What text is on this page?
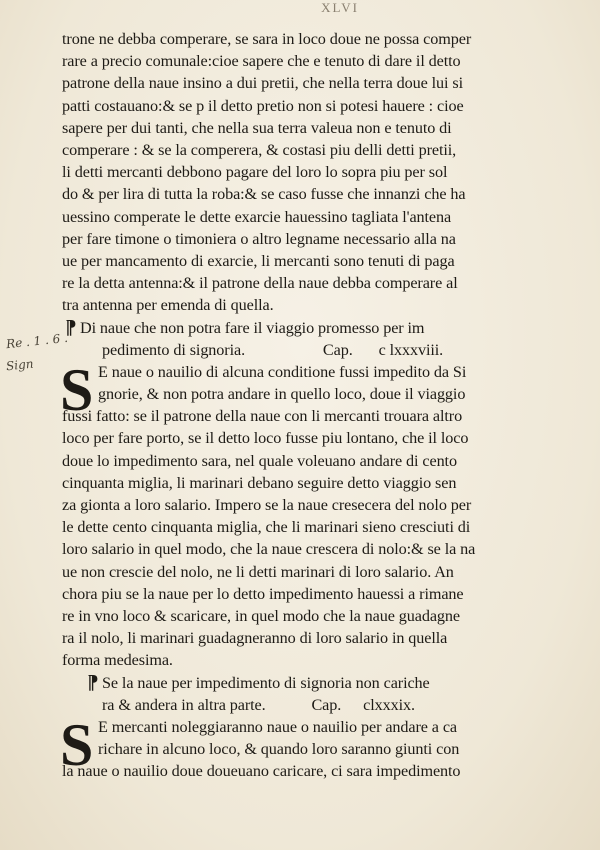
XLVI
Re . 1 . 6 .
Sign
trone ne debba comperare, se sara in loco doue ne possa comper
rare a precio comunale:cioe sapere che e tenuto di dare il detto
patrone della naue insino a dui pretii, che nella terra doue lui si
patti costauano:& se p il detto pretio non si potesi hauere : cioe
sapere per dui tanti, che nella sua terra valeua non e tenuto di
comperare : & se la comperera, & costasi piu delli detti pretii,
li detti mercanti debbono pagare del loro lo sopra piu per sol
do & per lira di tutta la roba:& se caso fusse che innanzi che ha
uessino comperate le dette exarcie hauessino tagliata l'antena
per fare timone o timoniera o altro legname necessario alla na
ue per mancamento di exarcie, li mercanti sono tenuti di paga
re la detta antenna:& il patrone della naue debba comperare al
tra antenna per emenda di quella.
¶ Di naue che non potra fare il viaggio promesso per im
pedimento di signoria.	Cap. c lxxxviii.
S E naue o nauilio di alcuna conditione fussi impedito da Si
gnorie, & non potra andare in quello loco, doue il viaggio
fussi fatto: se il patrone della naue con li mercanti trouara altro
loco per fare porto, se il detto loco fusse piu lontano, che il loco
doue lo impedimento sara, nel quale voleuano andare di cento
cinquanta miglia, li marinari debano seguire detto viaggio sen
za gionta a loro salario. Impero se la naue cresecera del nolo per
le dette cento cinquanta miglia, che li marinari sieno cresciuti di
loro salario in quel modo, che la naue crescera di nolo:& se la na
ue non crescie del nolo, ne li detti marinari di loro salario. An
chora piu se la naue per lo detto impedimento hauessi a rimane
re in vno loco & scaricare, in quel modo che la naue guadagne
ra il nolo, li marinari guadagneranno di loro salario in quella
forma medesima.
¶ Se la naue per impedimento di signoria non cariche
ra & andera in altra parte.	Cap. clxxxix.
S E mercanti noleggiaranno naue o nauilio per andare a ca
richare in alcuno loco, & quando loro saranno giunti con
la naue o nauilio doue doueuano caricare, ci sara impedimento
